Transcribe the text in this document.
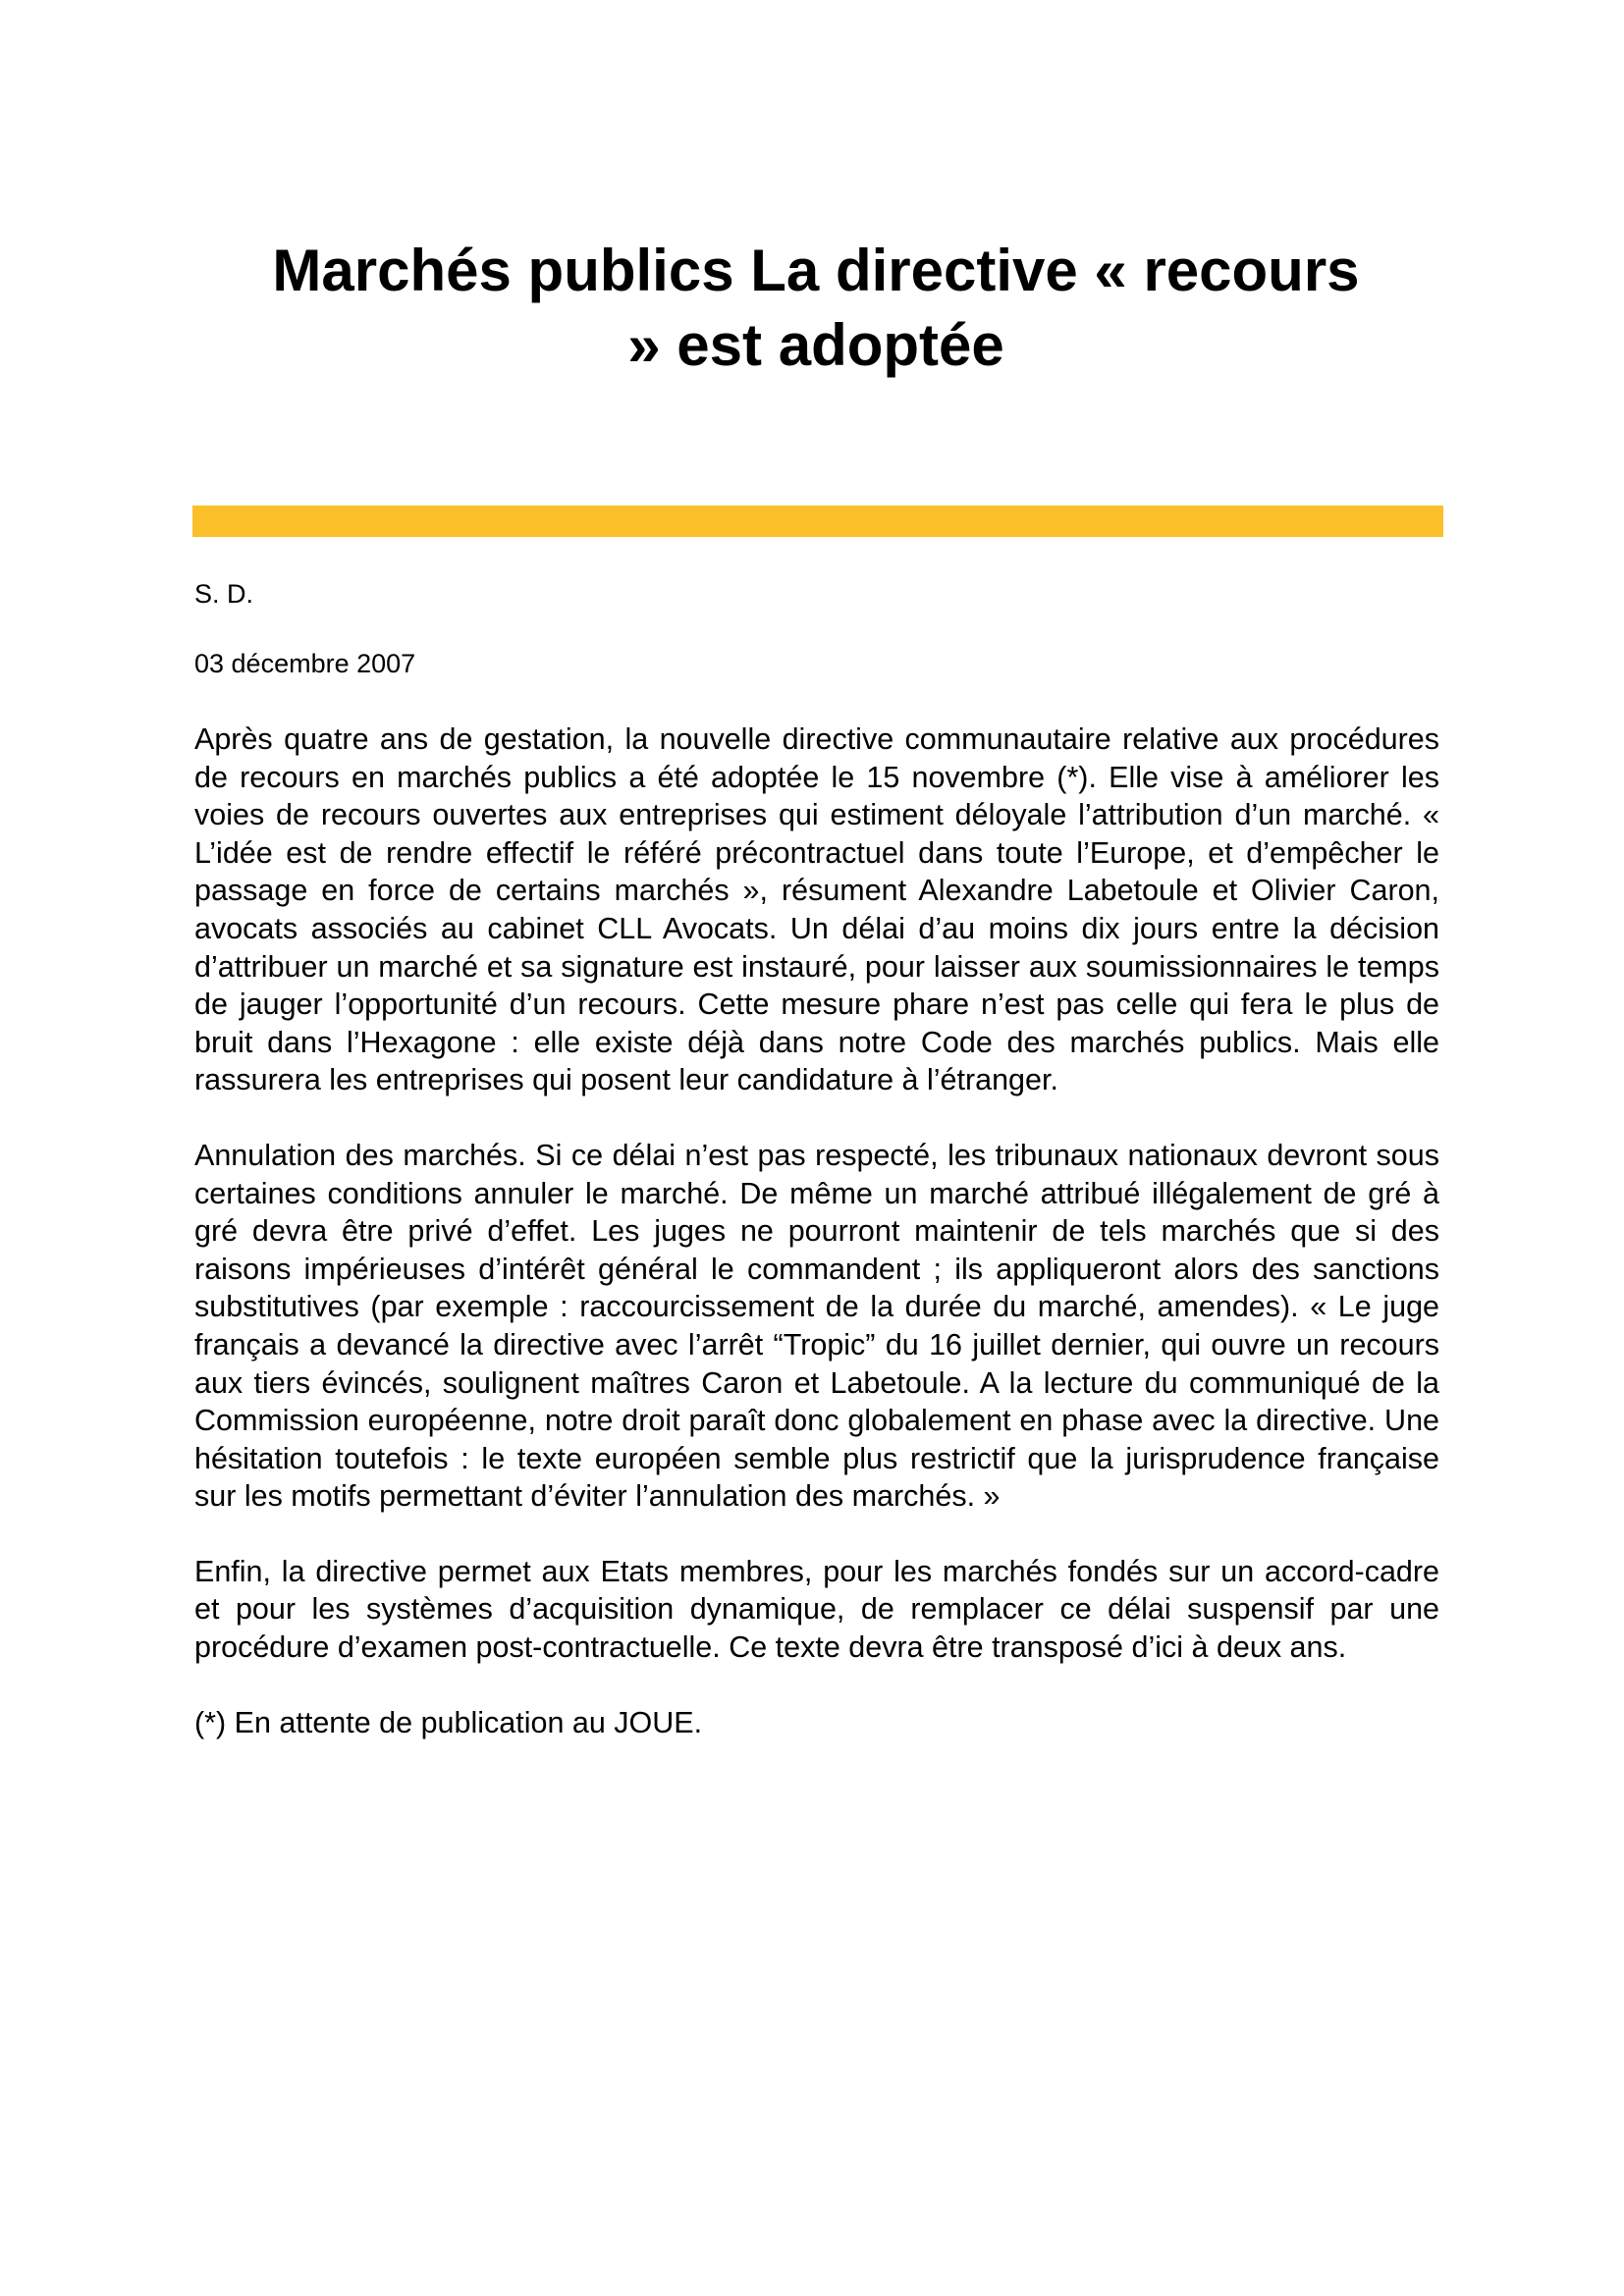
Marchés publics La directive « recours
» est adoptée

S. D.

03 décembre 2007

Après quatre ans de gestation, la nouvelle directive communautaire relative aux procédures de recours en marchés publics a été adoptée le 15 novembre (*). Elle vise à améliorer les voies de recours ouvertes aux entreprises qui estiment déloyale l’attribution d’un marché. « L’idée est de rendre effectif le référé précontractuel dans toute l’Europe, et d’empêcher le passage en force de certains marchés », résument Alexandre Labetoule et Olivier Caron, avocats associés au cabinet CLL Avocats. Un délai d’au moins dix jours entre la décision d’attribuer un marché et sa signature est instauré, pour laisser aux soumissionnaires le temps de jauger l’opportunité d’un recours. Cette mesure phare n’est pas celle qui fera le plus de bruit dans l’Hexagone : elle existe déjà dans notre Code des marchés publics. Mais elle rassurera les entreprises qui posent leur candidature à l’étranger.

Annulation des marchés. Si ce délai n’est pas respecté, les tribunaux nationaux devront sous certaines conditions annuler le marché. De même un marché attribué illégalement de gré à gré devra être privé d’effet. Les juges ne pourront maintenir de tels marchés que si des raisons impérieuses d’intérêt général le commandent ; ils appliqueront alors des sanctions substitutives (par exemple : raccourcissement de la durée du marché, amendes). « Le juge français a devancé la directive avec l’arrêt “Tropic” du 16 juillet dernier, qui ouvre un recours aux tiers évincés, soulignent maîtres Caron et Labetoule. A la lecture du communiqué de la Commission européenne, notre droit paraît donc globalement en phase avec la directive. Une hésitation toutefois : le texte européen semble plus restrictif que la jurisprudence française sur les motifs permettant d’éviter l’annulation des marchés. »

Enfin, la directive permet aux Etats membres, pour les marchés fondés sur un accord-cadre et pour les systèmes d’acquisition dynamique, de remplacer ce délai suspensif par une procédure d’examen post-contractuelle. Ce texte devra être transposé d’ici à deux ans.

(*) En attente de publication au JOUE.
